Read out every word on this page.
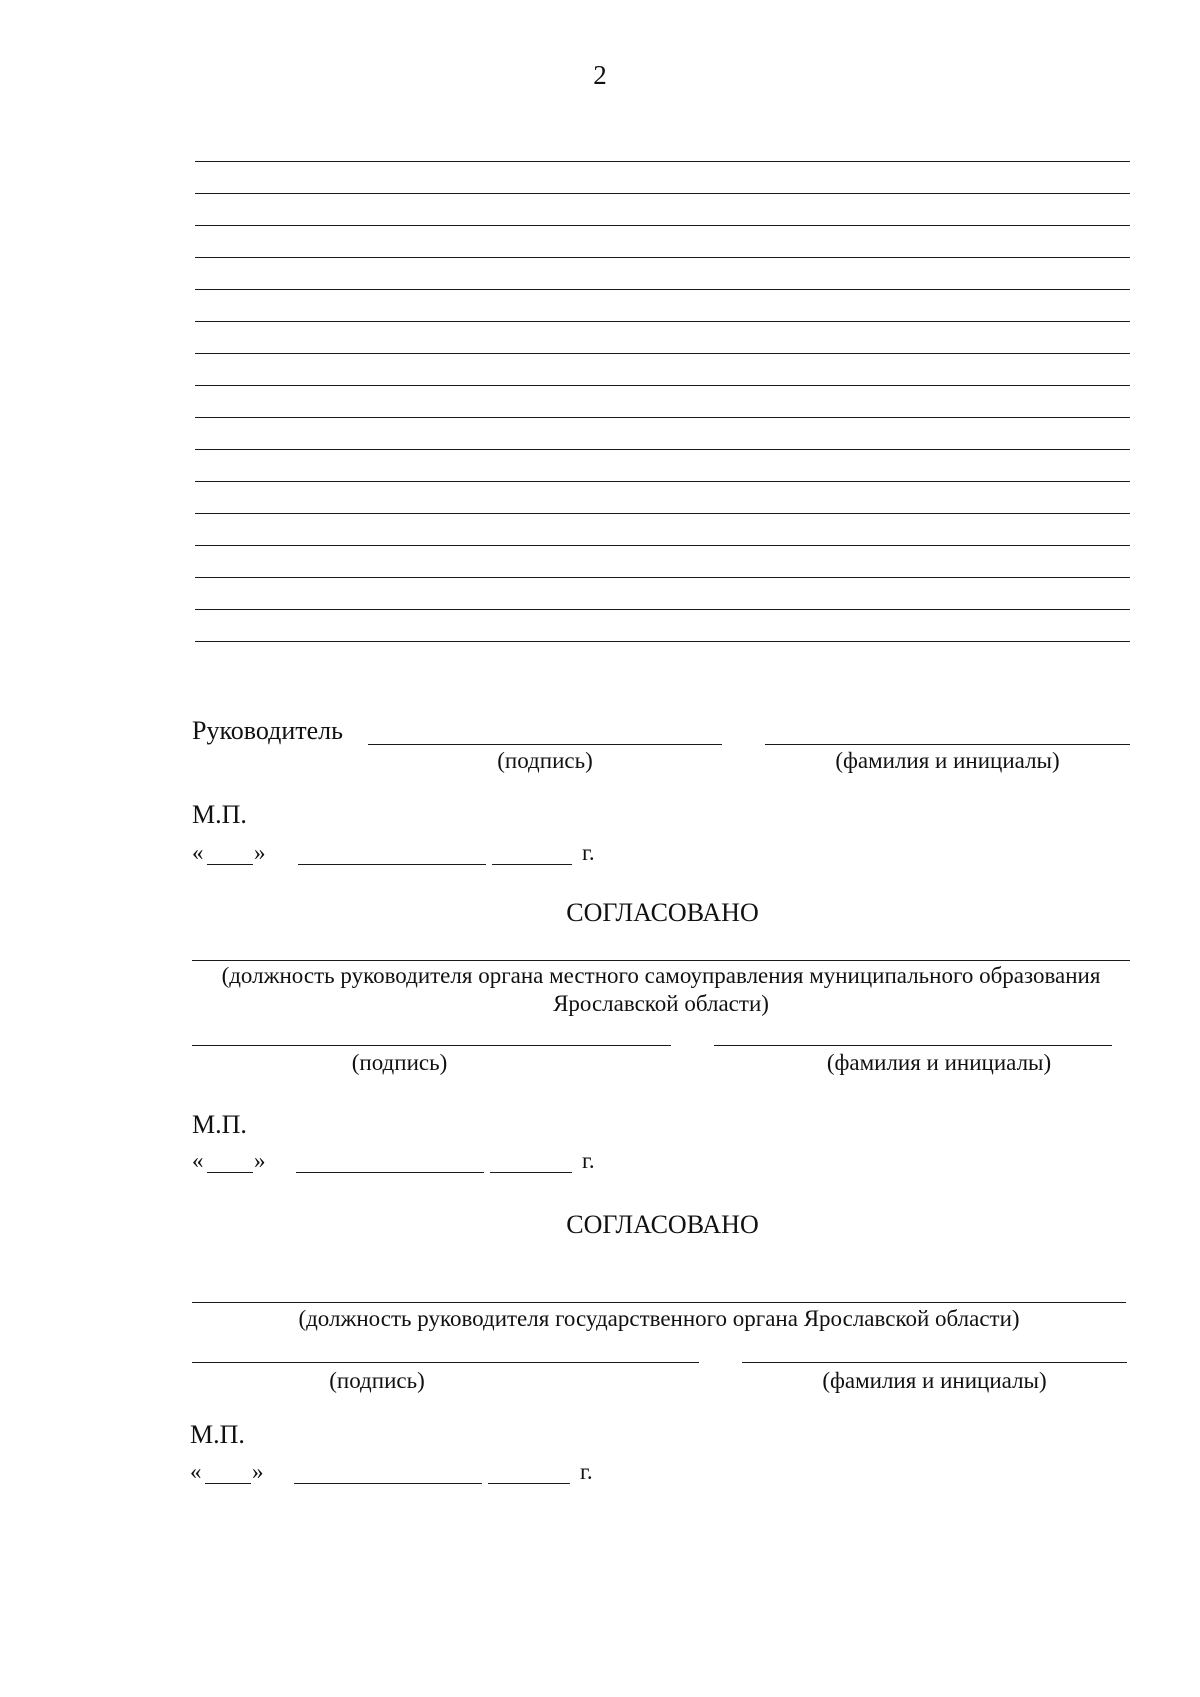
2
Руководитель
(подпись)	(фамилия и инициалы)
М.П.
« »	г.
СОГЛАСОВАНО
(должность руководителя органа местного самоуправления муниципального образования
Ярославской области)
(подпись)	(фамилия и инициалы)
М.П.
« »	г.
СОГЛАСОВАНО
(должность руководителя государственного органа Ярославской области)
(подпись)	(фамилия и инициалы)
М.П.
« »	г.
